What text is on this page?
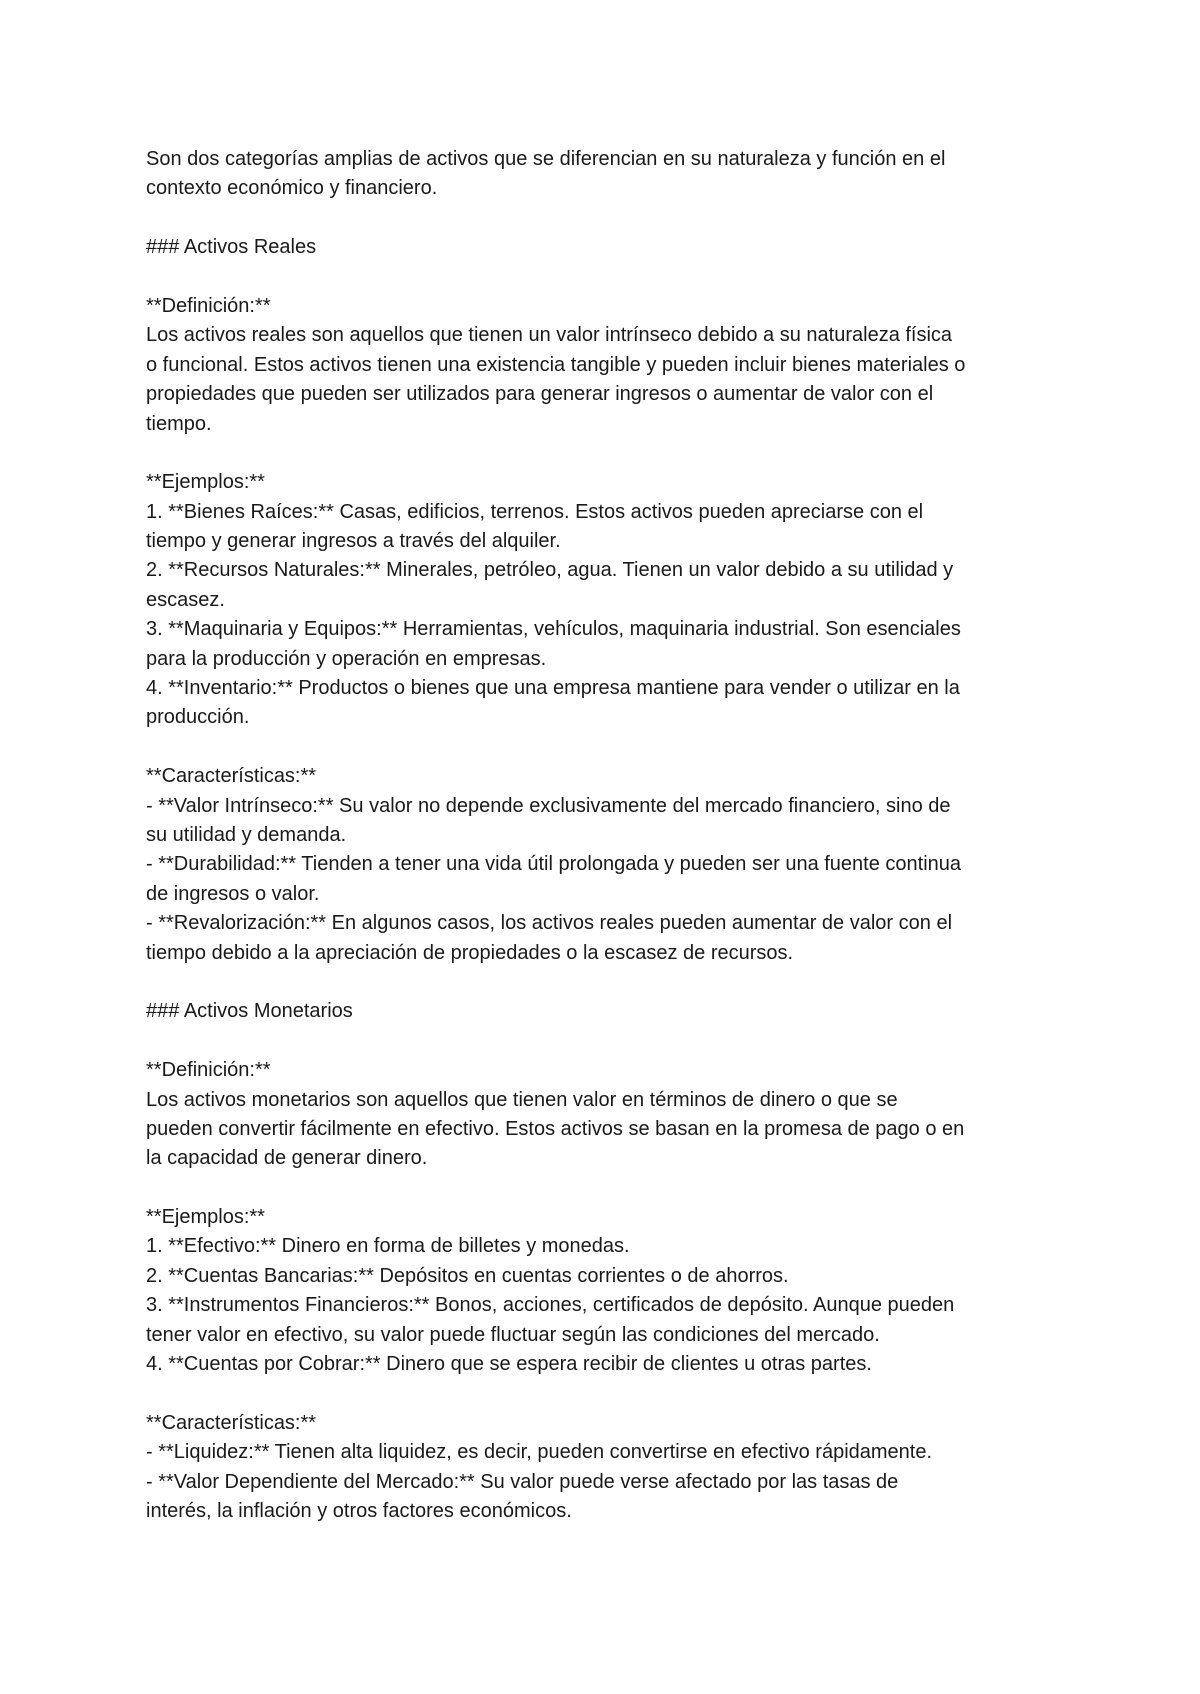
Son dos categorías amplias de activos que se diferencian en su naturaleza y función en el
contexto económico y financiero.
### Activos Reales
**Definición:**
Los activos reales son aquellos que tienen un valor intrínseco debido a su naturaleza física
o funcional. Estos activos tienen una existencia tangible y pueden incluir bienes materiales o
propiedades que pueden ser utilizados para generar ingresos o aumentar de valor con el
tiempo.
**Ejemplos:**
1. **Bienes Raíces:** Casas, edificios, terrenos. Estos activos pueden apreciarse con el
tiempo y generar ingresos a través del alquiler.
2. **Recursos Naturales:** Minerales, petróleo, agua. Tienen un valor debido a su utilidad y
escasez.
3. **Maquinaria y Equipos:** Herramientas, vehículos, maquinaria industrial. Son esenciales
para la producción y operación en empresas.
4. **Inventario:** Productos o bienes que una empresa mantiene para vender o utilizar en la
producción.
**Características:**
- **Valor Intrínseco:** Su valor no depende exclusivamente del mercado financiero, sino de
su utilidad y demanda.
- **Durabilidad:** Tienden a tener una vida útil prolongada y pueden ser una fuente continua
de ingresos o valor.
- **Revalorización:** En algunos casos, los activos reales pueden aumentar de valor con el
tiempo debido a la apreciación de propiedades o la escasez de recursos.
### Activos Monetarios
**Definición:**
Los activos monetarios son aquellos que tienen valor en términos de dinero o que se
pueden convertir fácilmente en efectivo. Estos activos se basan en la promesa de pago o en
la capacidad de generar dinero.
**Ejemplos:**
1. **Efectivo:** Dinero en forma de billetes y monedas.
2. **Cuentas Bancarias:** Depósitos en cuentas corrientes o de ahorros.
3. **Instrumentos Financieros:** Bonos, acciones, certificados de depósito. Aunque pueden
tener valor en efectivo, su valor puede fluctuar según las condiciones del mercado.
4. **Cuentas por Cobrar:** Dinero que se espera recibir de clientes u otras partes.
**Características:**
- **Liquidez:** Tienen alta liquidez, es decir, pueden convertirse en efectivo rápidamente.
- **Valor Dependiente del Mercado:** Su valor puede verse afectado por las tasas de
interés, la inflación y otros factores económicos.
